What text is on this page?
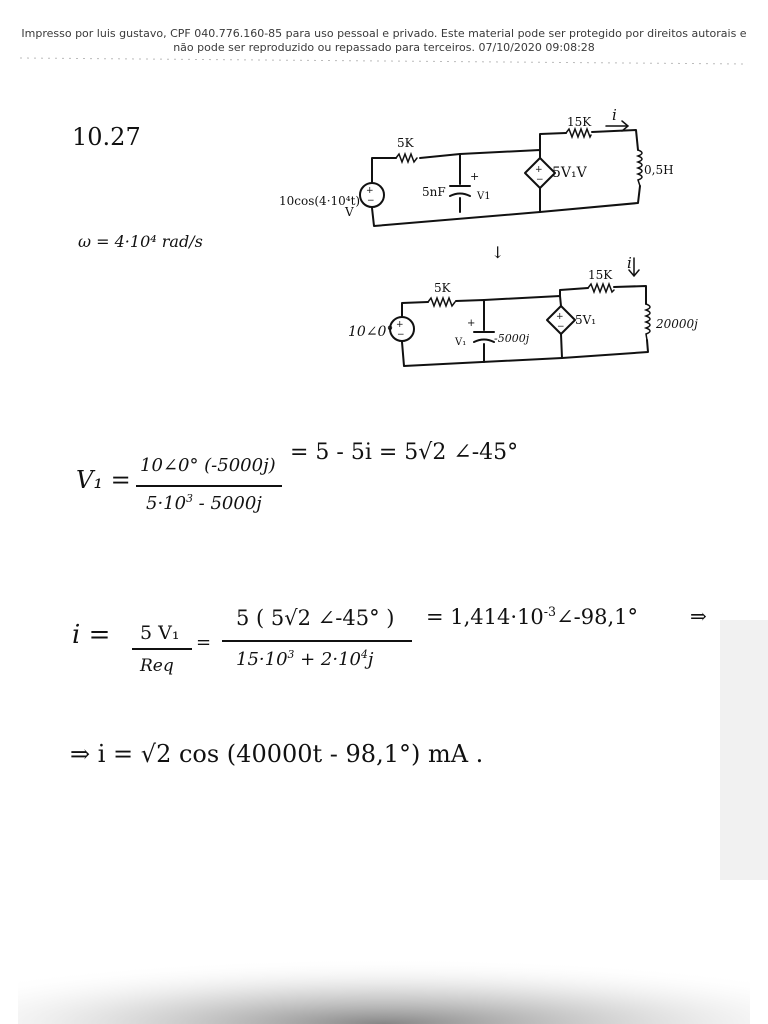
Impresso por luis gustavo, CPF 040.776.160-85 para uso pessoal e privado. Este material pode ser protegido por direitos autorais e não pode ser reproduzido ou repassado para terceiros. 07/10/2020 09:08:28
10.27
ω = 4·10⁴ rad/s
+
−
+
−
10cos(4·10⁴t)
V
5K
5nF
+
V1
5V₁V
15K i
0,5H
↓
+
−
+
−
10∠0°
5K
+
V₁	-5000j
5V₁
15K
i
20000j
V₁ =
10∠0° (-5000j)
$5\cdot 10^3 - 5000j$
= 5 - 5i = 5√2 ∠-45°
i = 5 V₁
Req
=
5 ( 5√2 ∠-45° )
$15\cdot 10^3 + 2\cdot 10^4j$
= $1,414\cdot 10^{-3}\angle-98,1^\circ$	⇒
⇒ i = √2 cos (40000t - 98,1°) mA .
